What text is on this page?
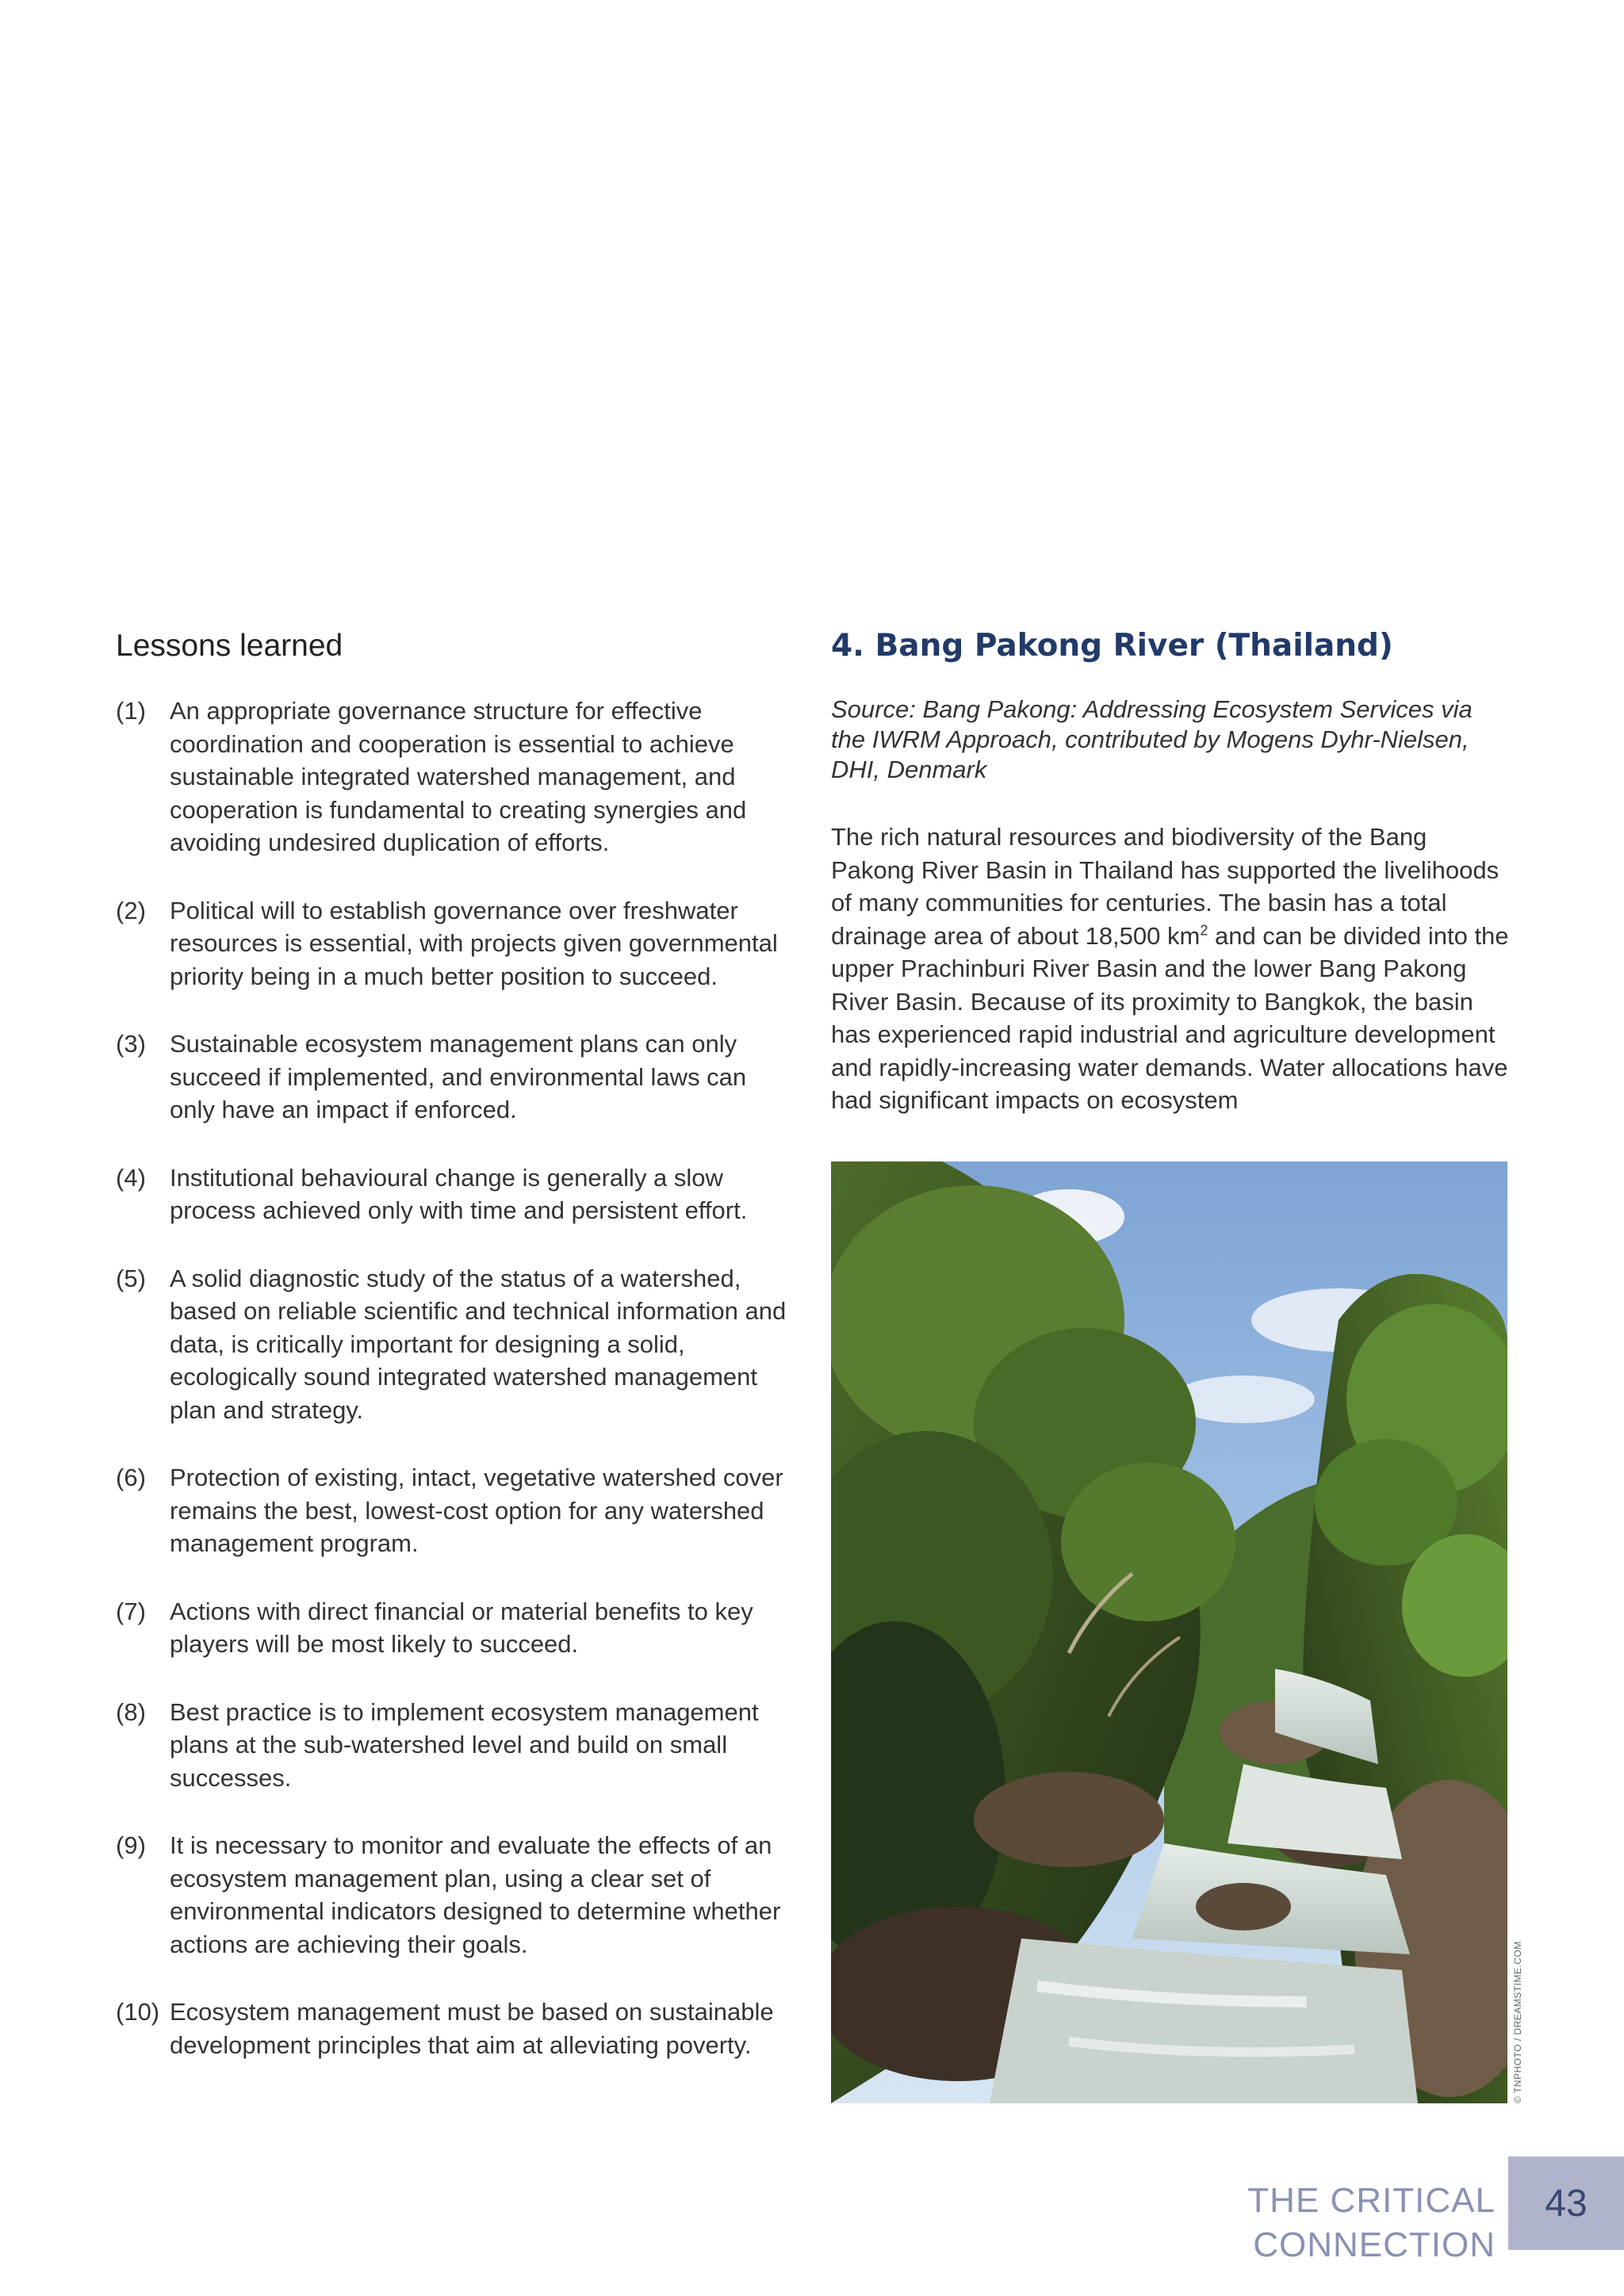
Lessons learned
(1) An appropriate governance structure for effective coordination and cooperation is essential to achieve sustainable integrated watershed management, and cooperation is fundamental to creating synergies and avoiding undesired duplication of efforts.
(2) Political will to establish governance over freshwater resources is essential, with projects given governmental priority being in a much better position to succeed.
(3) Sustainable ecosystem management plans can only succeed if implemented, and environmental laws can only have an impact if enforced.
(4) Institutional behavioural change is generally a slow process achieved only with time and persistent effort.
(5) A solid diagnostic study of the status of a watershed, based on reliable scientific and technical information and data, is critically important for designing a solid, ecologically sound integrated watershed management plan and strategy.
(6) Protection of existing, intact, vegetative watershed cover remains the best, lowest-cost option for any watershed management program.
(7) Actions with direct financial or material benefits to key players will be most likely to succeed.
(8) Best practice is to implement ecosystem management plans at the sub-watershed level and build on small successes.
(9) It is necessary to monitor and evaluate the effects of an ecosystem management plan, using a clear set of environmental indicators designed to determine whether actions are achieving their goals.
(10) Ecosystem management must be based on sustainable development principles that aim at alleviating poverty.
4. Bang Pakong River (Thailand)

Source: Bang Pakong: Addressing Ecosystem Services via the IWRM Approach, contributed by Mogens Dyhr-Nielsen, DHI, Denmark

The rich natural resources and biodiversity of the Bang Pakong River Basin in Thailand has supported the livelihoods of many communities for centuries. The basin has a total drainage area of about 18,500 $km^2$ and can be divided into the upper Prachinburi River Basin and the lower Bang Pakong River Basin. Because of its proximity to Bangkok, the basin has experienced rapid industrial and agriculture development and rapidly-increasing water demands. Water allocations have had significant impacts on ecosystem

© TNPHOTO / DREAMSTIME.COM
THE CRITICAL CONNECTION
43
